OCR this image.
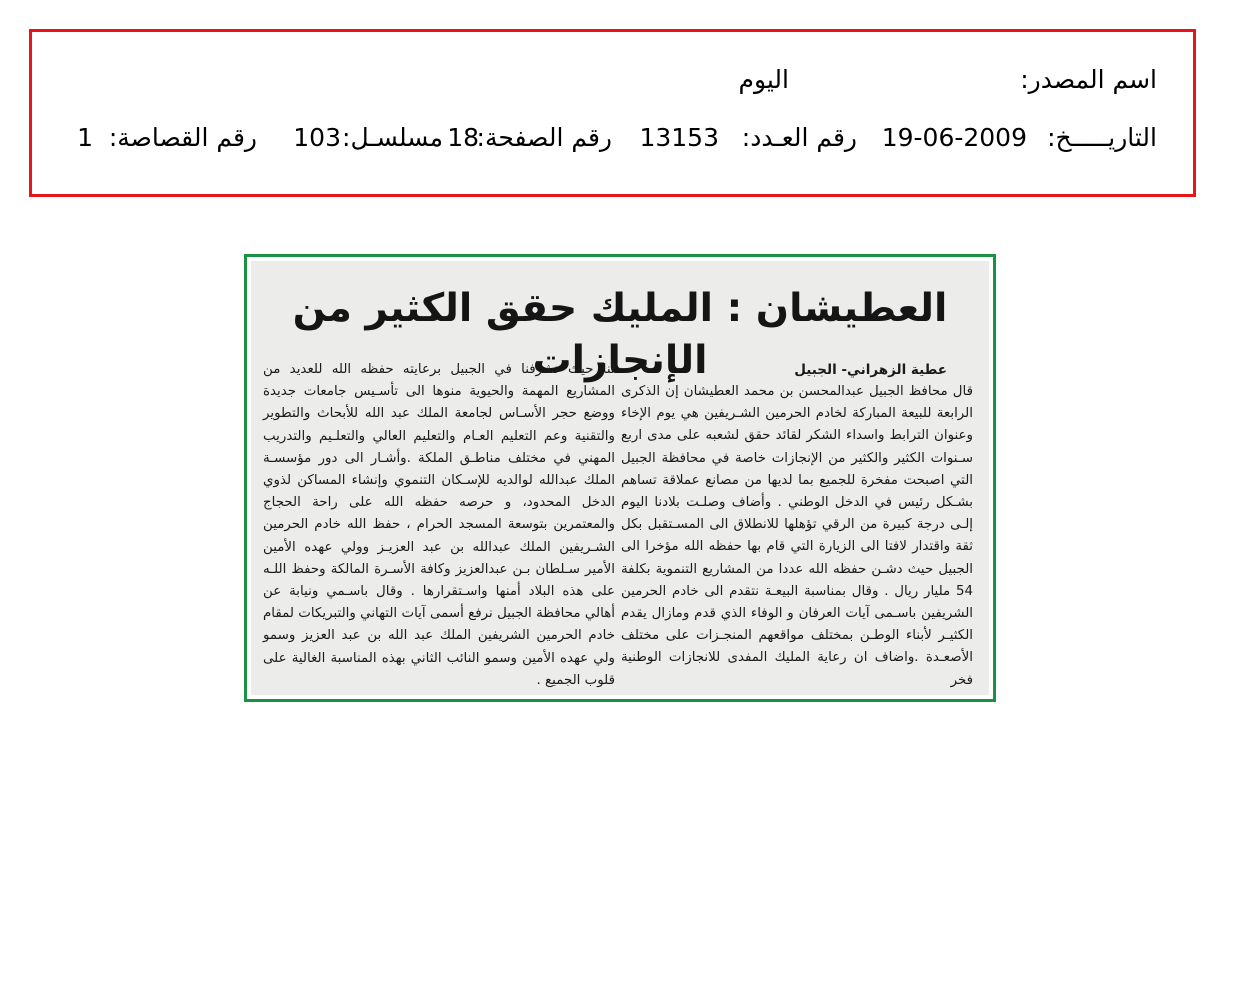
اسم المصدر:
اليوم
التاريـــــخ:
19-06-2009
رقم العـدد:
13153
رقم الصفحة:
18
مسلسـل:
103
رقم القصاصة:
1
العطيشان : المليك حقق الكثير من الإنجازات	عطية الزهراني- الجبيل

قال محافظ الجبيل عبدالمحسن بن محمد العطيشان إن الذكرى الرابعة للبيعة المباركة لخادم الحرمين الشـريفين هي يوم الإخاء وعنوان الترابط واسداء الشكر لقائد حقق لشعبه على مدى اربع سـنوات الكثير والكثير من الإنجازات خاصة في محافظة الجبيل التي اصبحت مفخرة للجميع بما لديها من مصانع عملاقة تساهم بشـكل رئيس في الدخل الوطني . وأضاف وصلـت بلادنا اليوم إلـى درجة كبيرة من الرقي تؤهلها للانطلاق الى المسـتقبل بكل ثقة واقتدار لافتا الى الزيارة التي قام بها حفظه الله مؤخرا الى الجبيل حيث دشـن حفظه الله عددا من المشاريع التنموية بكلفة 54 مليار ريال . وقال بمناسبة البيعـة نتقدم الى خادم الحرمين الشريفين باسـمى آيات العرفان و الوفاء الذي قدم ومازال يقدم الكثيـر لأبناء الوطـن بمختلف مواقعهم المنجـزات على مختلف الأصعـدة .واضاف ان رعاية المليك المفدى للانجازات الوطنية فخر

لنا حيث تشرفنا في الجبيل برعايته حفظه الله للعديد من المشاريع المهمة والحيوية منوها الى تأسـيس جامعات جديدة ووضع حجر الأسـاس لجامعة الملك عبد الله للأبحاث والتطوير والتقنية وعم التعليم العـام والتعليم العالي والتعلـيم والتدريب المهني في مختلف مناطـق الملكة .وأشـار الى دور مؤسسـة الملك عبدالله لوالديه للإسـكان التنموي وإنشاء المساكن لذوي الدخل المحدود، و حرصه حفظه الله على راحة الحجاج والمعتمرين بتوسعة المسجد الحرام ، حفظ الله خادم الحرمين الشـريفين الملك عبدالله بن عبد العزيـز وولي عهده الأمين الأمير سـلطان بـن عبدالعزيز وكافة الأسـرة المالكة وحفظ اللـه على هذه البلاد أمنها واسـتقرارها . وقال باسـمي ونيابة عن أهالي محافظة الجبيل نرفع أسمى آيات التهاني والتبريكات لمقام خادم الحرمين الشريفين الملك عبد الله بن عبد العزيز وسمو ولي عهده الأمين وسمو النائب الثاني بهذه المناسبة الغالية على قلوب الجميع .
